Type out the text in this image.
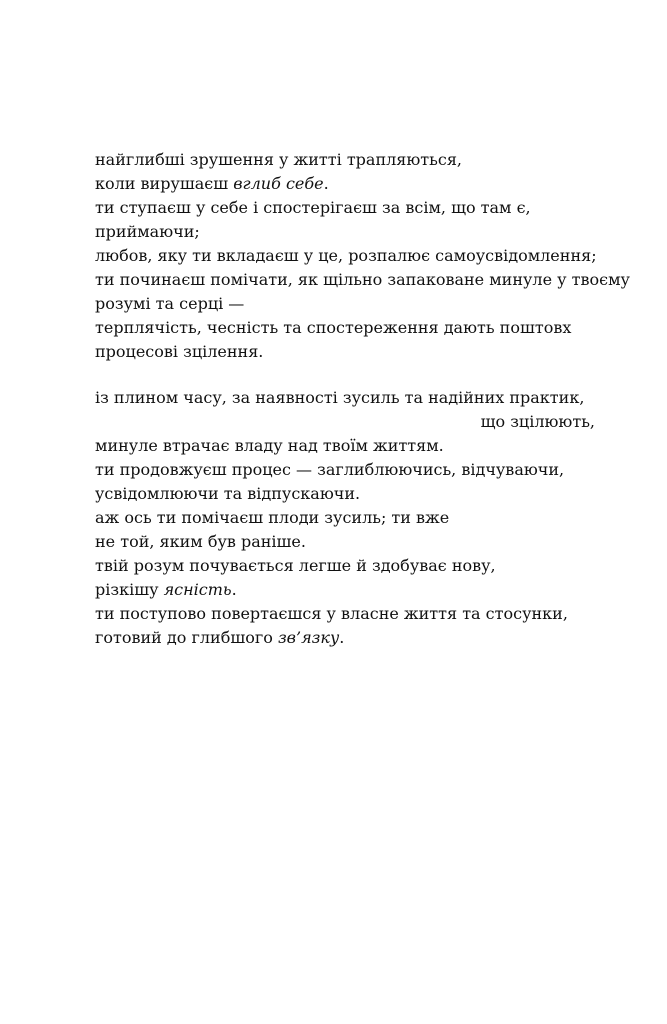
найглибші зрушення у житті трапляються,
коли вирушаєш вглиб себе.
ти ступаєш у себе і спостерігаєш за всім, що там є,
приймаючи;
любов, яку ти вкладаєш у це, розпалює самоусвідомлення;
ти починаєш помічати, як щільно запаковане минуле у твоєму
розумі та серці —
терплячість, чесність та спостереження дають поштовх
процесові зцілення.
із плином часу, за наявності зусиль та надійних практик,
що зцілюють,
минуле втрачає владу над твоїм життям.
ти продовжуєш процес — заглиблюючись, відчуваючи,
усвідомлюючи та відпускаючи.
аж ось ти помічаєш плоди зусиль; ти вже
не той, яким був раніше.
твій розум почувається легше й здобуває нову,
різкішу ясність.
ти поступово повертаєшся у власне життя та стосунки,
готовий до глибшого зв’язку.
